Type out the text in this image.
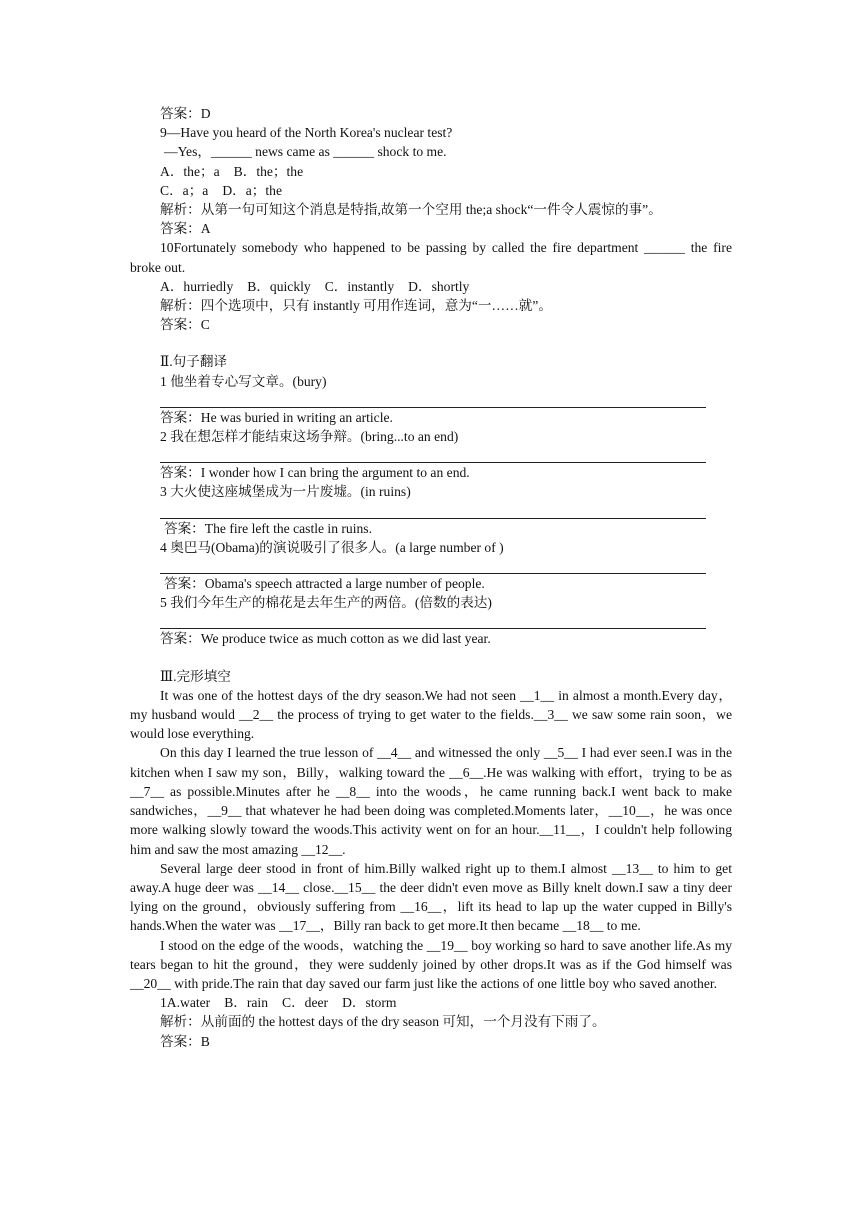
答案：D
9—Have you heard of the North Korea's nuclear test?
—Yes，______ news came as ______ shock to me.
A．the；a B．the；the
C．a；a D．a；the
解析：从第一句可知这个消息是特指,故第一个空用 the;a shock“一件令人震惊的事”。
答案：A
10Fortunately somebody who happened to be passing by called the fire department ______ the fire broke out.
A．hurriedly B．quickly C．instantly D．shortly
解析：四个选项中，只有 instantly 可用作连词，意为“一……就”。
答案：C
Ⅱ.句子翻译
1 他坐着专心写文章。(bury)
答案：He was buried in writing an article.
2 我在想怎样才能结束这场争辩。(bring...to an end)
答案：I wonder how I can bring the argument to an end.
3 大火使这座城堡成为一片废墟。(in ruins)
答案：The fire left the castle in ruins.
4 奥巴马(Obama)的演说吸引了很多人。(a large number of )
答案：Obama's speech attracted a large number of people.
5 我们今年生产的棉花是去年生产的两倍。(倍数的表达)
答案：We produce twice as much cotton as we did last year.
Ⅲ.完形填空
It was one of the hottest days of the dry season.We had not seen __1__ in almost a month.Every day，my husband would __2__ the process of trying to get water to the fields.__3__ we saw some rain soon，we would lose everything.
On this day I learned the true lesson of __4__ and witnessed the only __5__ I had ever seen.I was in the kitchen when I saw my son，Billy，walking toward the __6__.He was walking with effort，trying to be as __7__ as possible.Minutes after he __8__ into the woods，he came running back.I went back to make sandwiches，__9__ that whatever he had been doing was completed.Moments later，__10__，he was once more walking slowly toward the woods.This activity went on for an hour.__11__，I couldn't help following him and saw the most amazing __12__.
Several large deer stood in front of him.Billy walked right up to them.I almost __13__ to him to get away.A huge deer was __14__ close.__15__ the deer didn't even move as Billy knelt down.I saw a tiny deer lying on the ground，obviously suffering from __16__，lift its head to lap up the water cupped in Billy's hands.When the water was __17__，Billy ran back to get more.It then became __18__ to me.
I stood on the edge of the woods，watching the __19__ boy working so hard to save another life.As my tears began to hit the ground，they were suddenly joined by other drops.It was as if the God himself was __20__ with pride.The rain that day saved our farm just like the actions of one little boy who saved another.
1A.water B．rain C．deer D．storm
解析：从前面的 the hottest days of the dry season 可知，一个月没有下雨了。
答案：B
